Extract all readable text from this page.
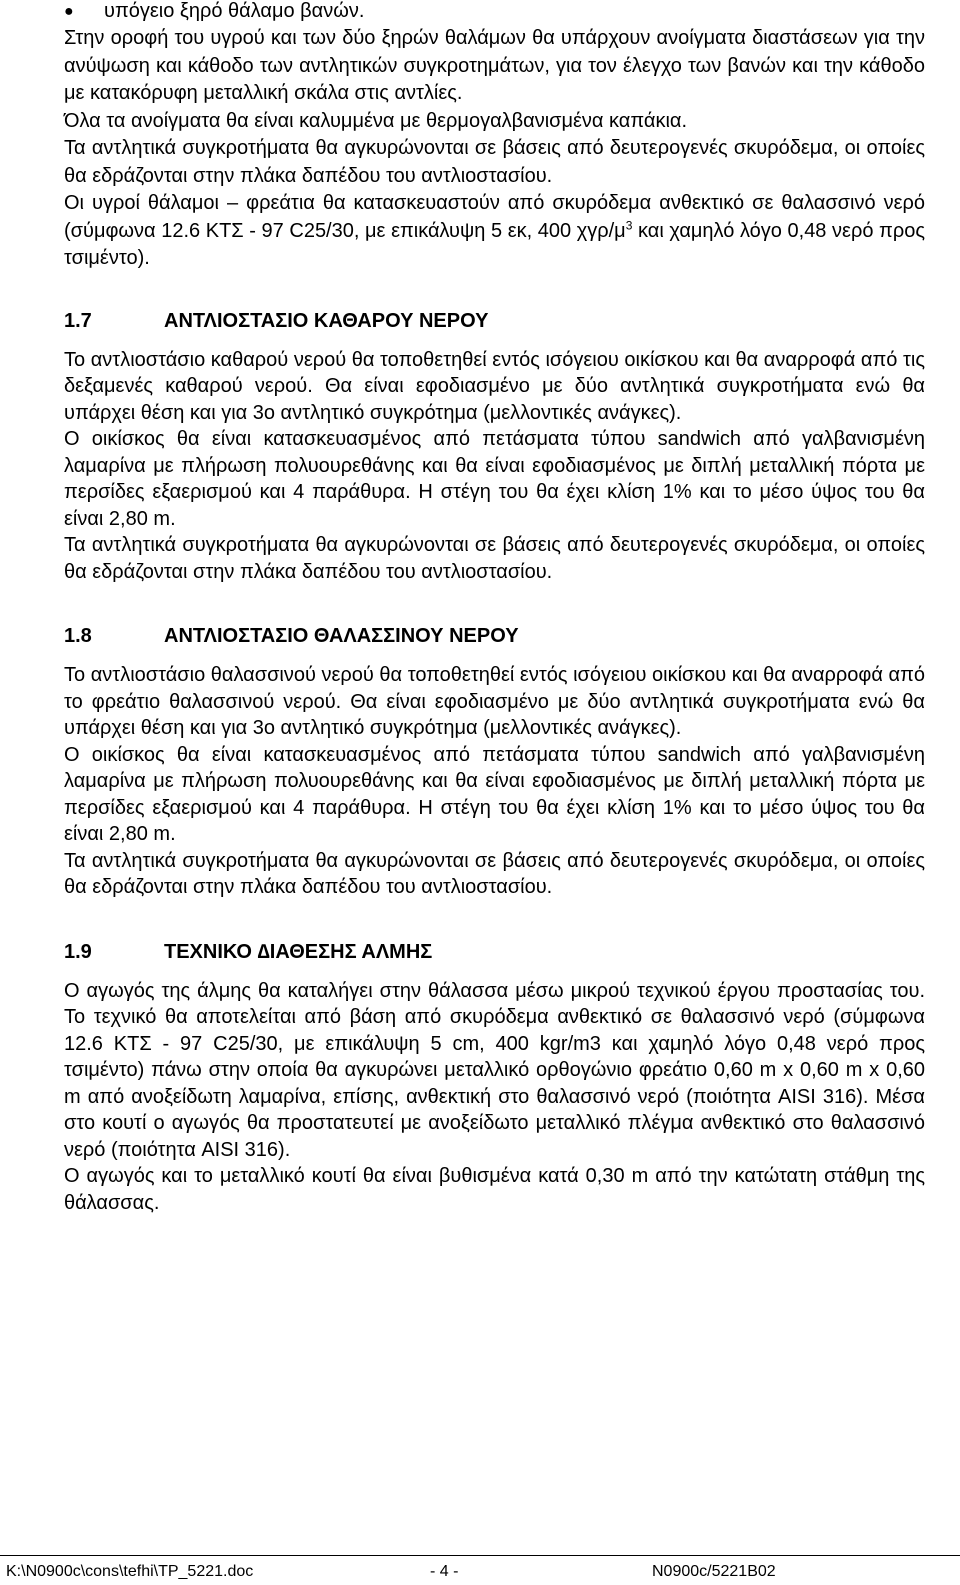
●	υπόγειο ξηρό θάλαμο βανών.

Στην οροφή του υγρού και των δύο ξηρών θαλάμων θα υπάρχουν ανοίγματα διαστάσεων για την ανύψωση και κάθοδο των αντλητικών συγκροτημάτων, για τον έλεγχο των βανών και την κάθοδο με κατακόρυφη μεταλλική σκάλα στις αντλίες.

Όλα τα ανοίγματα θα είναι καλυμμένα με θερμογαλβανισμένα καπάκια.

Τα αντλητικά συγκροτήματα θα αγκυρώνονται σε βάσεις από δευτερογενές σκυρόδεμα, οι οποίες θα εδράζονται στην πλάκα δαπέδου του αντλιοστασίου.

Οι υγροί θάλαμοι – φρεάτια θα κατασκευαστούν από σκυρόδεμα ανθεκτικό σε θαλασσινό νερό (σύμφωνα 12.6 ΚΤΣ - 97 C25/30, με επικάλυψη 5 εκ, 400 χγρ/$\mu^3$ και χαμηλό λόγο 0,48 νερό προς τσιμέντο).

1.7	ΑΝΤΛΙΟΣΤΑΣΙΟ ΚΑΘΑΡΟΥ ΝΕΡΟΥ

Το αντλιοστάσιο καθαρού νερού θα τοποθετηθεί εντός ισόγειου οικίσκου και θα αναρροφά από τις δεξαμενές καθαρού νερού. Θα είναι εφοδιασμένο με δύο αντλητικά συγκροτήματα ενώ θα υπάρχει θέση και για 3ο αντλητικό συγκρότημα (μελλοντικές ανάγκες).

Ο οικίσκος θα είναι κατασκευασμένος από πετάσματα τύπου sandwich από γαλβανισμένη λαμαρίνα με πλήρωση πολυουρεθάνης και θα είναι εφοδιασμένος με διπλή μεταλλική πόρτα με περσίδες εξαερισμού και 4 παράθυρα. Η στέγη του θα έχει κλίση 1% και το μέσο ύψος του θα είναι 2,80 m.

Τα αντλητικά συγκροτήματα θα αγκυρώνονται σε βάσεις από δευτερογενές σκυρόδεμα, οι οποίες θα εδράζονται στην πλάκα δαπέδου του αντλιοστασίου.

1.8	ΑΝΤΛΙΟΣΤΑΣΙΟ ΘΑΛΑΣΣΙΝΟΥ ΝΕΡΟΥ

Το αντλιοστάσιο θαλασσινού νερού θα τοποθετηθεί εντός ισόγειου οικίσκου και θα αναρροφά από το φρεάτιο θαλασσινού νερού. Θα είναι εφοδιασμένο με δύο αντλητικά συγκροτήματα ενώ θα υπάρχει θέση και για 3ο αντλητικό συγκρότημα (μελλοντικές ανάγκες).

Ο οικίσκος θα είναι κατασκευασμένος από πετάσματα τύπου sandwich από γαλβανισμένη λαμαρίνα με πλήρωση πολυουρεθάνης και θα είναι εφοδιασμένος με διπλή μεταλλική πόρτα με περσίδες εξαερισμού και 4 παράθυρα. Η στέγη του θα έχει κλίση 1% και το μέσο ύψος του θα είναι 2,80 m.

Τα αντλητικά συγκροτήματα θα αγκυρώνονται σε βάσεις από δευτερογενές σκυρόδεμα, οι οποίες θα εδράζονται στην πλάκα δαπέδου του αντλιοστασίου.

1.9	ΤΕΧΝΙΚΟ ∆ΙΑΘΕΣΗΣ ΑΛΜΗΣ

Ο αγωγός της άλμης θα καταλήγει στην θάλασσα μέσω μικρού τεχνικού έργου προστασίας του. Το τεχνικό θα αποτελείται από βάση από σκυρόδεμα ανθεκτικό σε θαλασσινό νερό (σύμφωνα 12.6 ΚΤΣ - 97 C25/30, με επικάλυψη 5 cm, 400 kgr/m3 και χαμηλό λόγο 0,48 νερό προς τσιμέντο) πάνω στην οποία θα αγκυρώνει μεταλλικό ορθογώνιο φρεάτιο 0,60 m x 0,60 m x 0,60 m από ανοξείδωτη λαμαρίνα, επίσης, ανθεκτική στο θαλασσινό νερό (ποιότητα AISI 316). Μέσα στο κουτί ο αγωγός θα προστατευτεί με ανοξείδωτο μεταλλικό πλέγμα ανθεκτικό στο θαλασσινό νερό (ποιότητα AISI 316).

Ο αγωγός και το μεταλλικό κουτί θα είναι βυθισμένα κατά 0,30 m από την κατώτατη στάθμη της θάλασσας.

K:\N0900c\cons\tefhi\TP_5221.doc	- 4 -	N0900c/5221B02
